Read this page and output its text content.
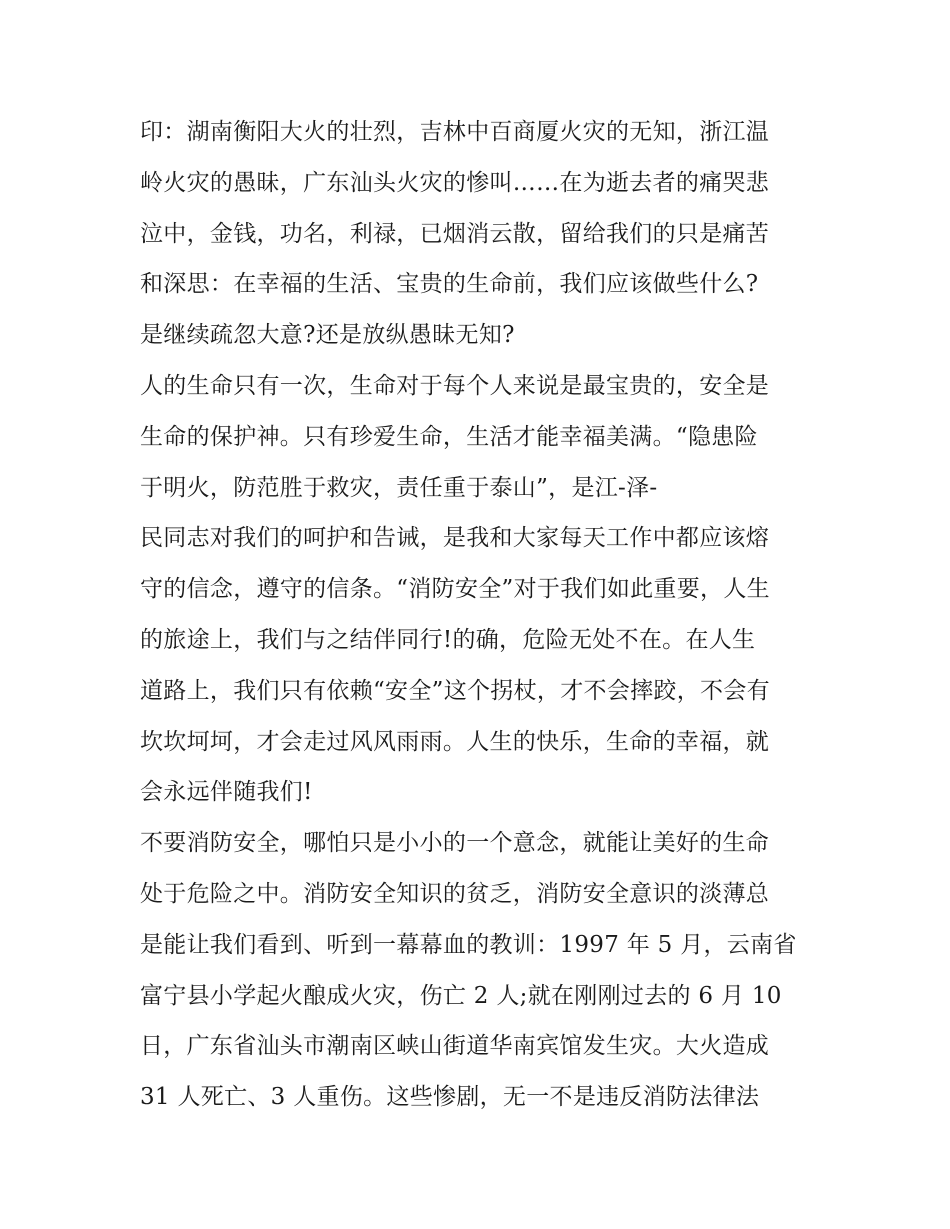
印：湖南衡阳大火的壮烈，吉林中百商厦火灾的无知，浙江温
岭火灾的愚昧，广东汕头火灾的惨叫……在为逝去者的痛哭悲
泣中，金钱，功名，利禄，已烟消云散，留给我们的只是痛苦
和深思：在幸福的生活、宝贵的生命前，我们应该做些什么?
是继续疏忽大意?还是放纵愚昧无知?
人的生命只有一次，生命对于每个人来说是最宝贵的，安全是
生命的保护神。只有珍爱生命，生活才能幸福美满。“隐患险
于明火，防范胜于救灾，责任重于泰山”，是江-泽-
民同志对我们的呵护和告诫，是我和大家每天工作中都应该熔
守的信念，遵守的信条。“消防安全”对于我们如此重要，人生
的旅途上，我们与之结伴同行!的确，危险无处不在。在人生
道路上，我们只有依赖“安全”这个拐杖，才不会摔跤，不会有
坎坎坷坷，才会走过风风雨雨。人生的快乐，生命的幸福，就
会永远伴随我们!
不要消防安全，哪怕只是小小的一个意念，就能让美好的生命
处于危险之中。消防安全知识的贫乏，消防安全意识的淡薄总
是能让我们看到、听到一幕幕血的教训：1997 年 5 月，云南省
富宁县小学起火酿成火灾，伤亡 2 人;就在刚刚过去的 6 月 10
日，广东省汕头市潮南区峡山街道华南宾馆发生灾。大火造成
31 人死亡、3 人重伤。这些惨剧，无一不是违反消防法律法
